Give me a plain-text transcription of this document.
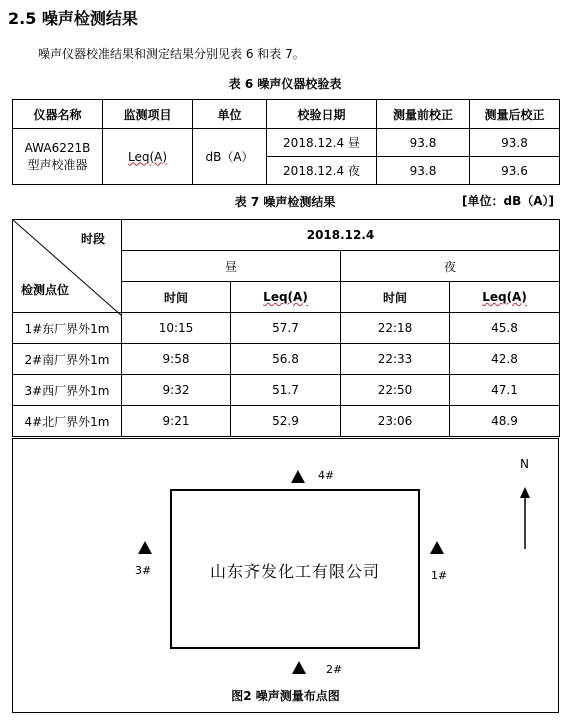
2.5 噪声检测结果
噪声仪器校准结果和测定结果分别见表 6 和表 7。
表 6 噪声仪器校验表
仪器名称	监测项目	单位	校验日期	测量前校正	测量后校正
AWA6221B型声校准器	Leq(A)	dB（A）	2018.12.4 昼	93.8	93.8
			2018.12.4 夜	93.8	93.6
表 7 噪声检测结果	[单位：dB（A）]
时段
检测点位	2018.12.4			
	昼		夜	
	时间	Leq(A)	时间	Leq(A)
1#东厂界外1m	10:15	57.7	22:18	45.8
2#南厂界外1m	9:58	56.8	22:33	42.8
3#西厂界外1m	9:32	51.7	22:50	47.1
4#北厂界外1m	9:21	52.9	23:06	48.9
4#
山东齐发化工有限公司
3#	1#
2#
N
图2 噪声测量布点图
